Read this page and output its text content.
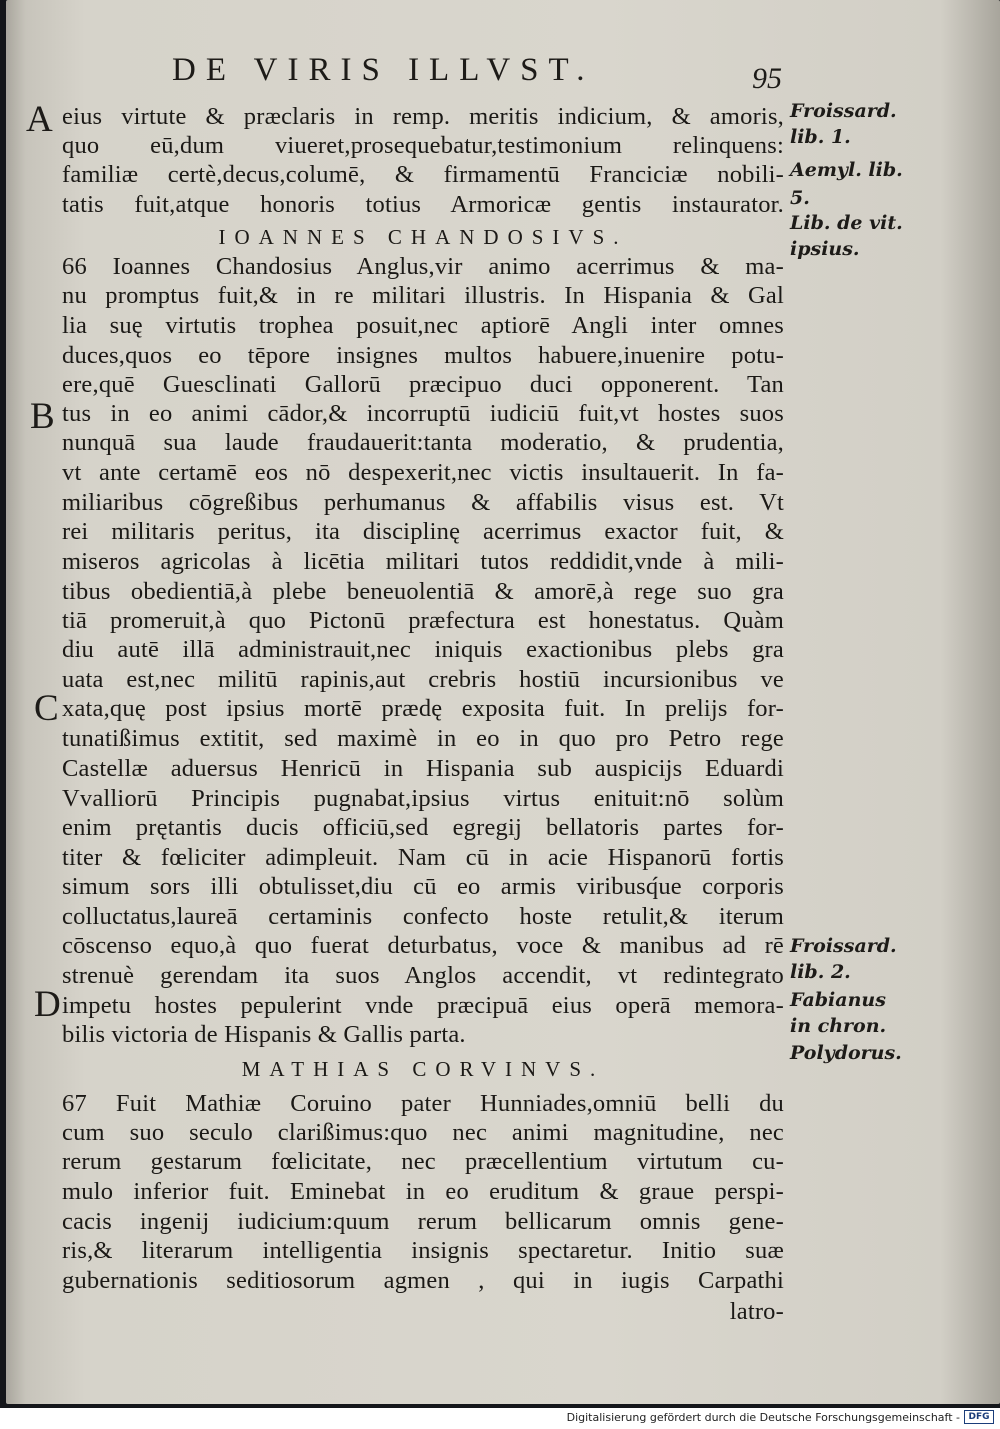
DE VIRIS ILLVST.	95
A
B
C
D
eius virtute & præclaris in remp. meritis indicium, & amoris,
quo eū,dum viueret,prosequebatur,testimonium relinquens:
familiæ certè,decus,columē, & firmamentū Franciciæ nobili-
tatis fuit,atque honoris totius Armoricæ gentis instaurator.
IOANNES CHANDOSIVS.
66 Ioannes Chandosius Anglus,vir animo acerrimus & ma-
nu promptus fuit,& in re militari illustris. In Hispania & Gal
lia suę virtutis trophea posuit,nec aptiorē Angli inter omnes
duces,quos eo tēpore insignes multos habuere,inuenire potu-
ere,quē Guesclinati Gallorū præcipuo duci opponerent. Tan
tus in eo animi cādor,& incorruptū iudiciū fuit,vt hostes suos
nunquā sua laude fraudauerit:tanta moderatio, & prudentia,
vt ante certamē eos nō despexerit,nec victis insultauerit. In fa-
miliaribus cōgreßibus perhumanus & affabilis visus est. Vt
rei militaris peritus, ita disciplinę acerrimus exactor fuit, &
miseros agricolas à licētia militari tutos reddidit,vnde à mili-
tibus obedientiā,à plebe beneuolentiā & amorē,à rege suo gra
tiā promeruit,à quo Pictonū præfectura est honestatus. Quàm
diu autē illā administrauit,nec iniquis exactionibus plebs gra
uata est,nec militū rapinis,aut crebris hostiū incursionibus ve
xata,quę post ipsius mortē prædę exposita fuit. In prelijs for-
tunatißimus extitit, sed maximè in eo in quo pro Petro rege
Castellæ aduersus Henricū in Hispania sub auspicijs Eduardi
Vvalliorū Principis pugnabat,ipsius virtus enituit:nō solùm
enim prętantis ducis officiū,sed egregij bellatoris partes for-
titer & fœliciter adimpleuit. Nam cū in acie Hispanorū fortis
simum sors illi obtulisset,diu cū eo armis viribusq́ue corporis
colluctatus,laureā certaminis confecto hoste retulit,& iterum
cōscenso equo,à quo fuerat deturbatus, voce & manibus ad rē
strenuè gerendam ita suos Anglos accendit, vt redintegrato
impetu hostes pepulerint vnde præcipuā eius operā memora-
bilis victoria de Hispanis & Gallis parta.
MATHIAS CORVINVS.
67 Fuit Mathiæ Coruino pater Hunniades,omniū belli du
cum suo seculo clarißimus:quo nec animi magnitudine, nec
rerum gestarum fœlicitate, nec præcellentium virtutum cu-
mulo inferior fuit. Eminebat in eo eruditum & graue perspi-
cacis ingenij iudicium:quum rerum bellicarum omnis gene-
ris,& literarum intelligentia insignis spectaretur. Initio suæ
gubernationis seditiosorum agmen , qui in iugis Carpathi
latro-
Froissard.
lib. 1.
Aemyl. lib.
5.
Lib. de vit.
ipsius.
Froissard.
lib. 2.
Fabianus
in chron.
Polydorus.
Digitalisierung gefördert durch die Deutsche Forschungsgemeinschaft - DFG
